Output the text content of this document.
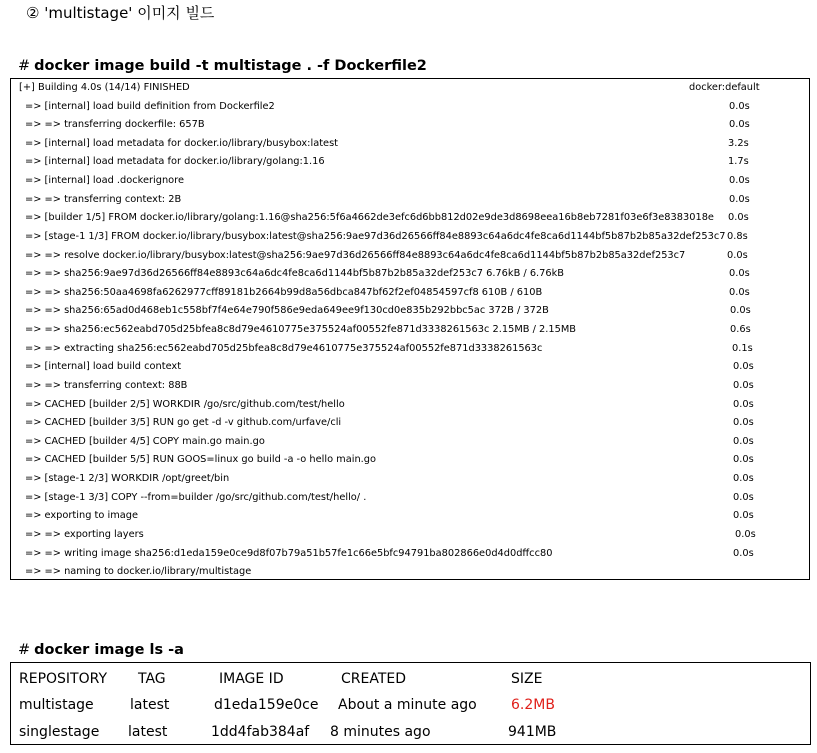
② 'multistage' 이미지 빌드
# docker image build -t multistage . -f Dockerfile2
[+] Building 4.0s (14/14) FINISHED	docker:default
=> [internal] load build definition from Dockerfile2	0.0s
=> => transferring dockerfile: 657B	0.0s
=> [internal] load metadata for docker.io/library/busybox:latest	3.2s
=> [internal] load metadata for docker.io/library/golang:1.16	1.7s
=> [internal] load .dockerignore	0.0s
=> => transferring context: 2B	0.0s
=> [builder 1/5] FROM docker.io/library/golang:1.16@sha256:5f6a4662de3efc6d6bb812d02e9de3d8698eea16b8eb7281f03e6f3e8383018e 0.0s
=> [stage-1 1/3] FROM docker.io/library/busybox:latest@sha256:9ae97d36d26566ff84e8893c64a6dc4fe8ca6d1144bf5b87b2b85a32def253c7 0.8s
=> => resolve docker.io/library/busybox:latest@sha256:9ae97d36d26566ff84e8893c64a6dc4fe8ca6d1144bf5b87b2b85a32def253c7	0.0s
=> => sha256:9ae97d36d26566ff84e8893c64a6dc4fe8ca6d1144bf5b87b2b85a32def253c7 6.76kB / 6.76kB	0.0s
=> => sha256:50aa4698fa6262977cff89181b2664b99d8a56dbca847bf62f2ef04854597cf8 610B / 610B	0.0s
=> => sha256:65ad0d468eb1c558bf7f4e64e790f586e9eda649ee9f130cd0e835b292bbc5ac 372B / 372B	0.0s
=> => sha256:ec562eabd705d25bfea8c8d79e4610775e375524af00552fe871d3338261563c 2.15MB / 2.15MB	0.6s
=> => extracting sha256:ec562eabd705d25bfea8c8d79e4610775e375524af00552fe871d3338261563c	0.1s
=> [internal] load build context	0.0s
=> => transferring context: 88B	0.0s
=> CACHED [builder 2/5] WORKDIR /go/src/github.com/test/hello	0.0s
=> CACHED [builder 3/5] RUN go get -d -v github.com/urfave/cli	0.0s
=> CACHED [builder 4/5] COPY main.go main.go	0.0s
=> CACHED [builder 5/5] RUN GOOS=linux go build -a -o hello main.go	0.0s
=> [stage-1 2/3] WORKDIR /opt/greet/bin	0.0s
=> [stage-1 3/3] COPY --from=builder /go/src/github.com/test/hello/ .	0.0s
=> exporting to image	0.0s
=> => exporting layers	0.0s
=> => writing image sha256:d1eda159e0ce9d8f07b79a51b57fe1c66e5bfc94791ba802866e0d4d0dffcc80	0.0s
=> => naming to docker.io/library/multistage
# docker image ls -a
REPOSITORY TAG	IMAGE ID	CREATED	SIZE
multistage	latest	d1eda159e0ce About a minute ago 6.2MB
singlestage latest	1dd4fab384af 8 minutes ago	941MB
